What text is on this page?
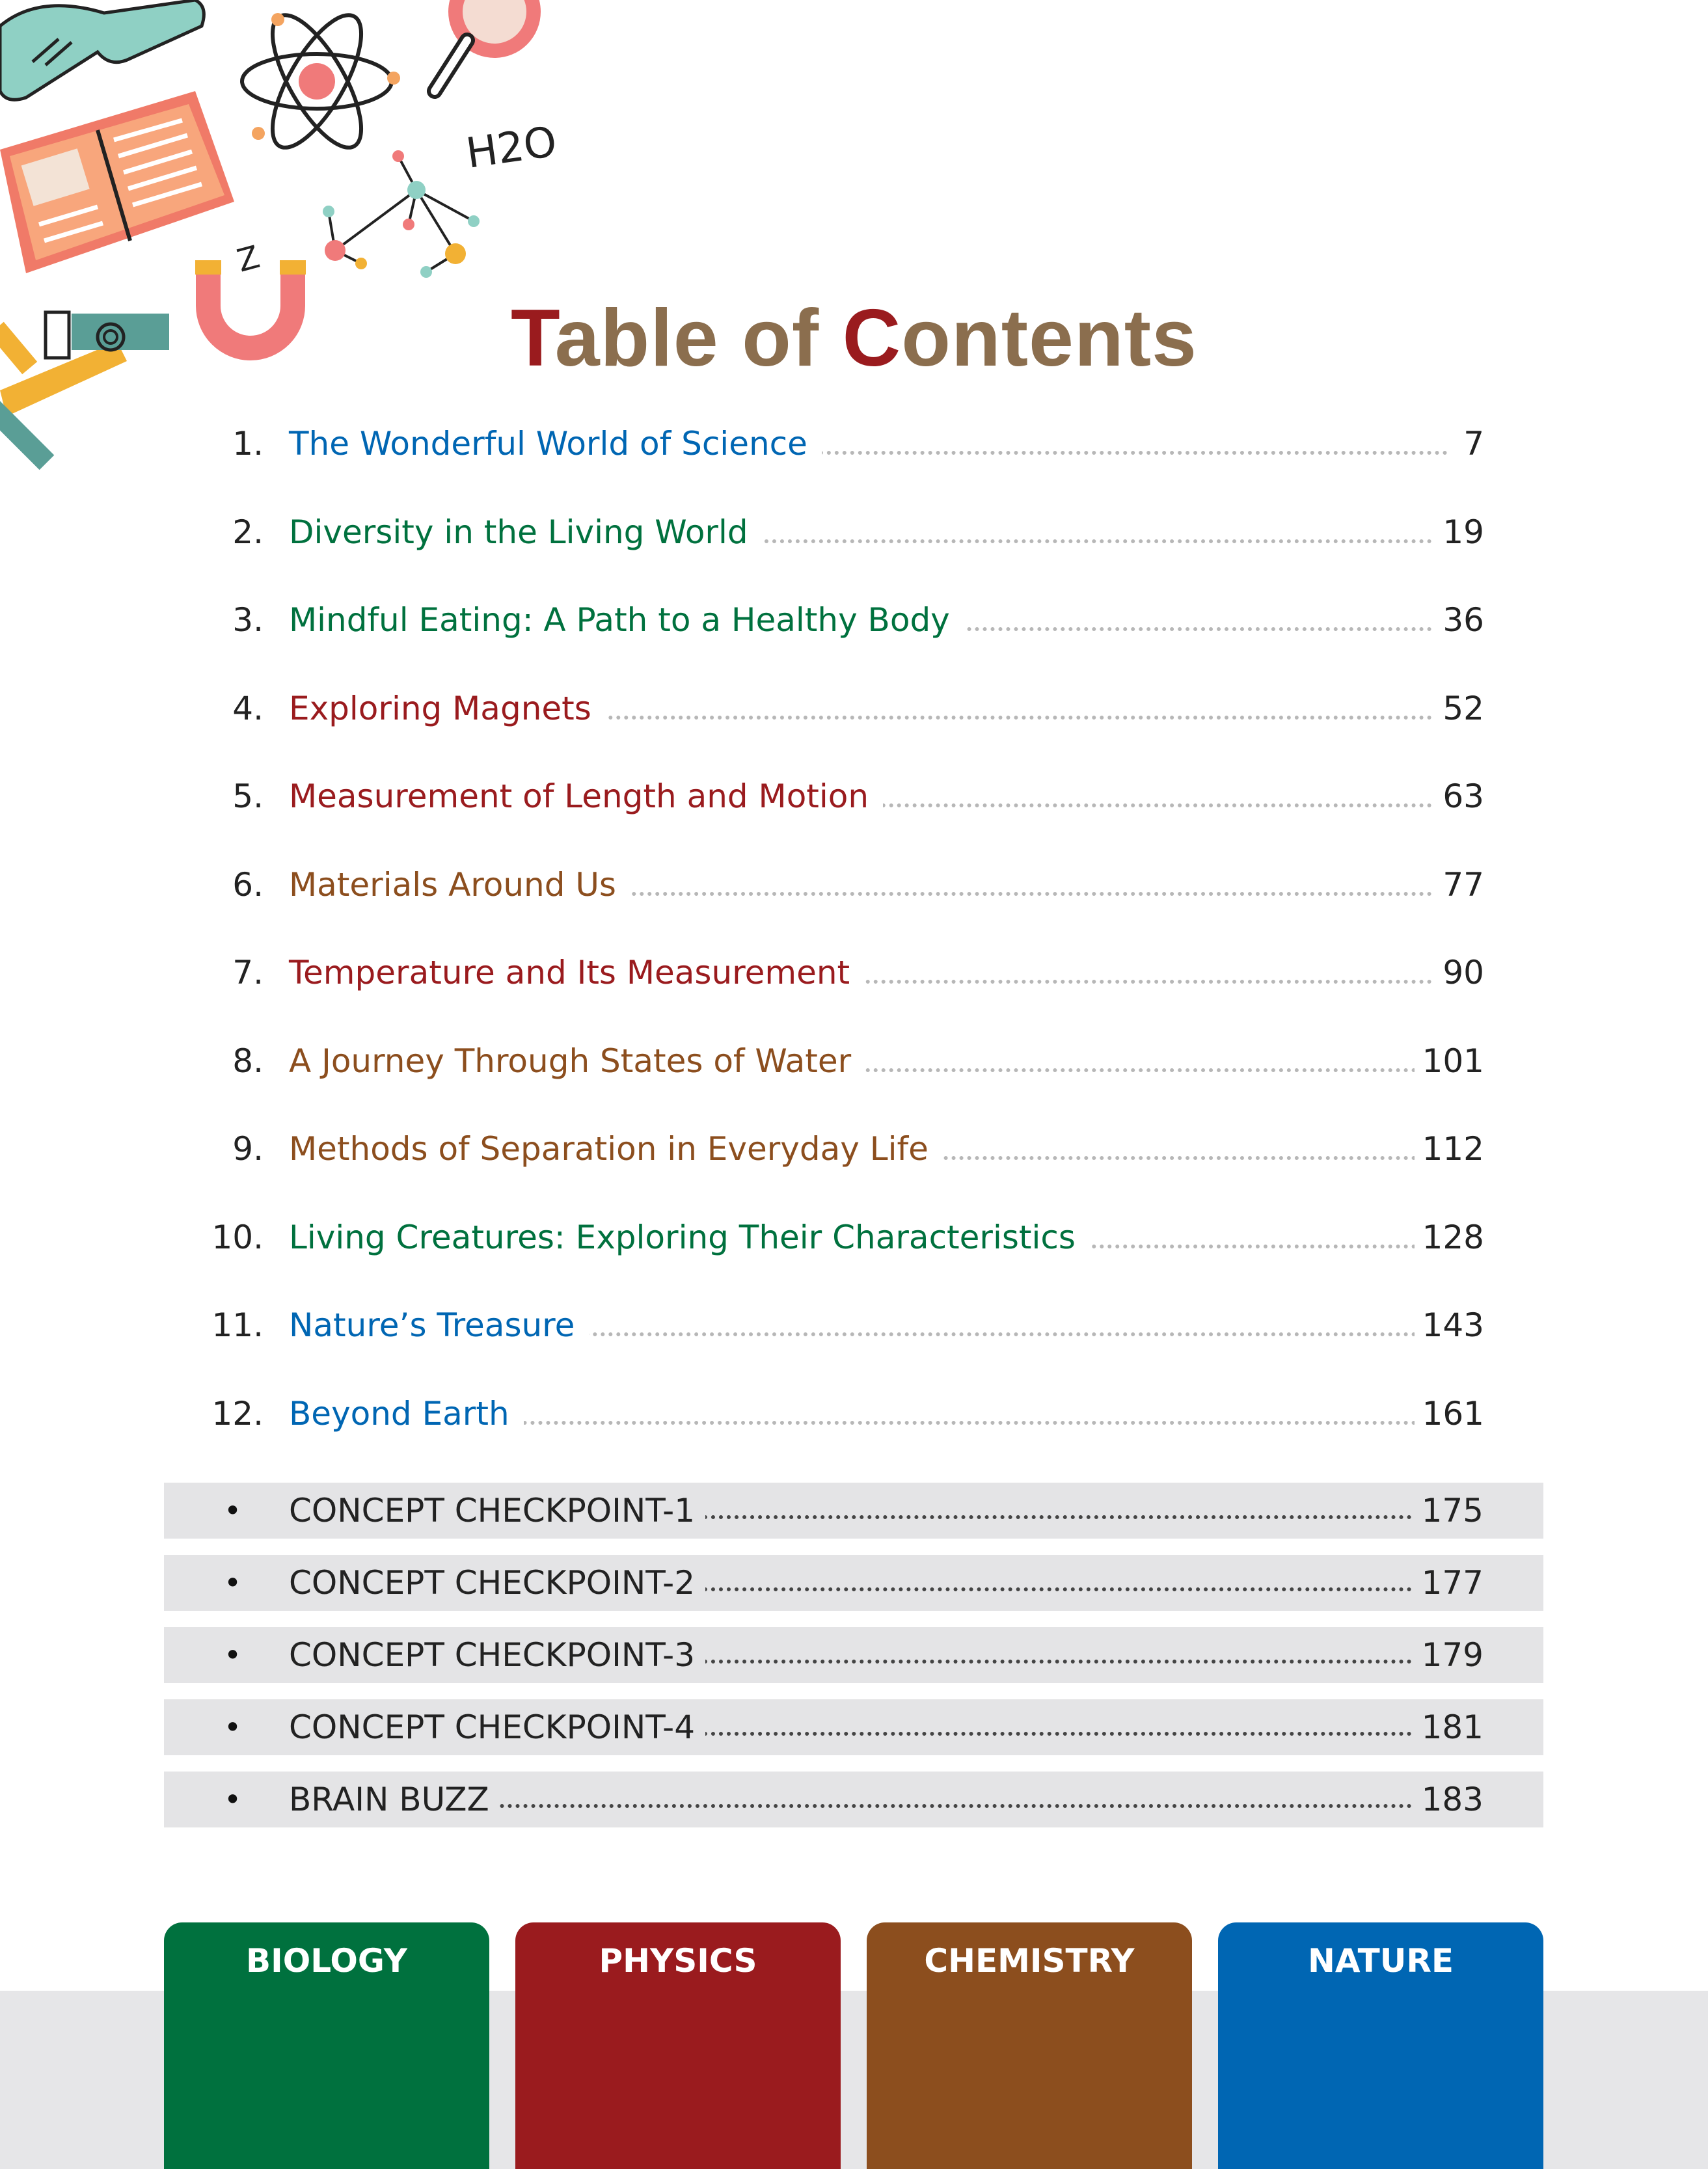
H2O
Z
Table of Contents
1. The Wonderful World of Science	7
2. Diversity in the Living World	19
3. Mindful Eating: A Path to a Healthy Body	36
4. Exploring Magnets	52
5. Measurement of Length and Motion	63
6. Materials Around Us	77
7. Temperature and Its Measurement	90
8. A Journey Through States of Water	101
9. Methods of Separation in Everyday Life	112
10. Living Creatures: Exploring Their Characteristics	128
11. Nature’s Treasure	143
12. Beyond Earth	161
• CONCEPT CHECKPOINT-1	175
• CONCEPT CHECKPOINT-2	177
• CONCEPT CHECKPOINT-3	179
• CONCEPT CHECKPOINT-4	181
• BRAIN BUZZ	183
BIOLOGY	PHYSICS	CHEMISTRY	NATURE
